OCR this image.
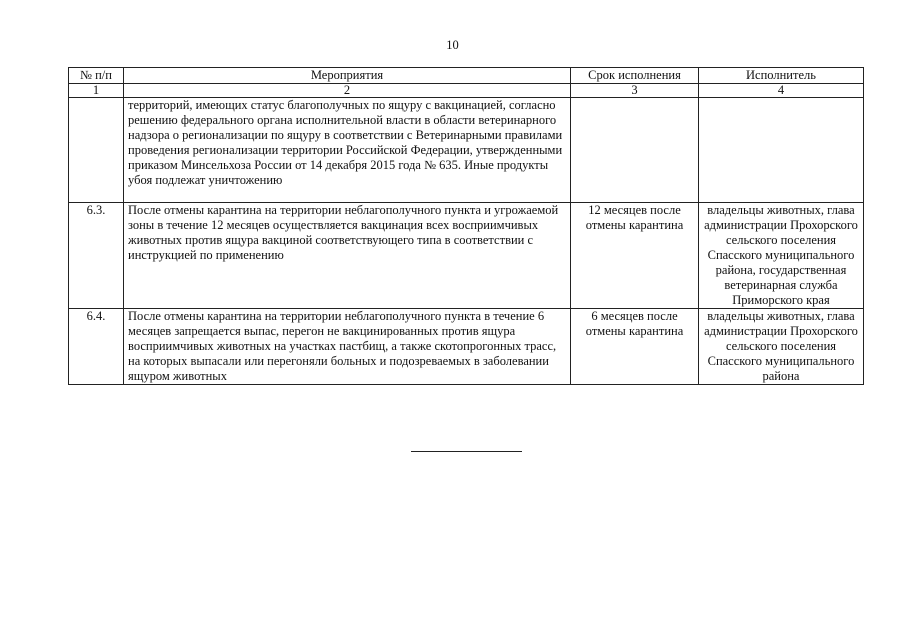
10
№ п/п	Мероприятия	Срок исполнения	Исполнитель
1	2	3	4

	территорий, имеющих статус благополучных по ящуру с вакцинацией, согласно решению федерального органа исполнительной власти в области ветеринарного надзора о регионализации по ящуру в соответствии с Ветеринарными правилами проведения регионализации территории Российской Федерации, утвержденными приказом Минсельхоза России от 14 декабря 2015 года № 635. Иные продукты убоя подлежат уничтожению		

6.3.	После отмены карантина на территории неблагополучного пункта и угрожаемой зоны в течение 12 месяцев осуществляется вакцинация всех восприимчивых животных против ящура вакциной соответствующего типа в соответствии с инструкцией по применению	12 месяцев после отмены карантина	владельцы животных, глава администрации Прохорского сельского поселения Спасского муниципального района, государственная ветеринарная служба Приморского края
6.4.	После отмены карантина на территории неблагополучного пункта в течение 6 месяцев запрещается выпас, перегон не вакцинированных против ящура восприимчивых животных на участках пастбищ, а также скотопрогонных трасс, на которых выпасали или перегоняли больных и подозреваемых в заболевании ящуром животных	6 месяцев после отмены карантина	владельцы животных, глава администрации Прохорского сельского поселения Спасского муниципального района
